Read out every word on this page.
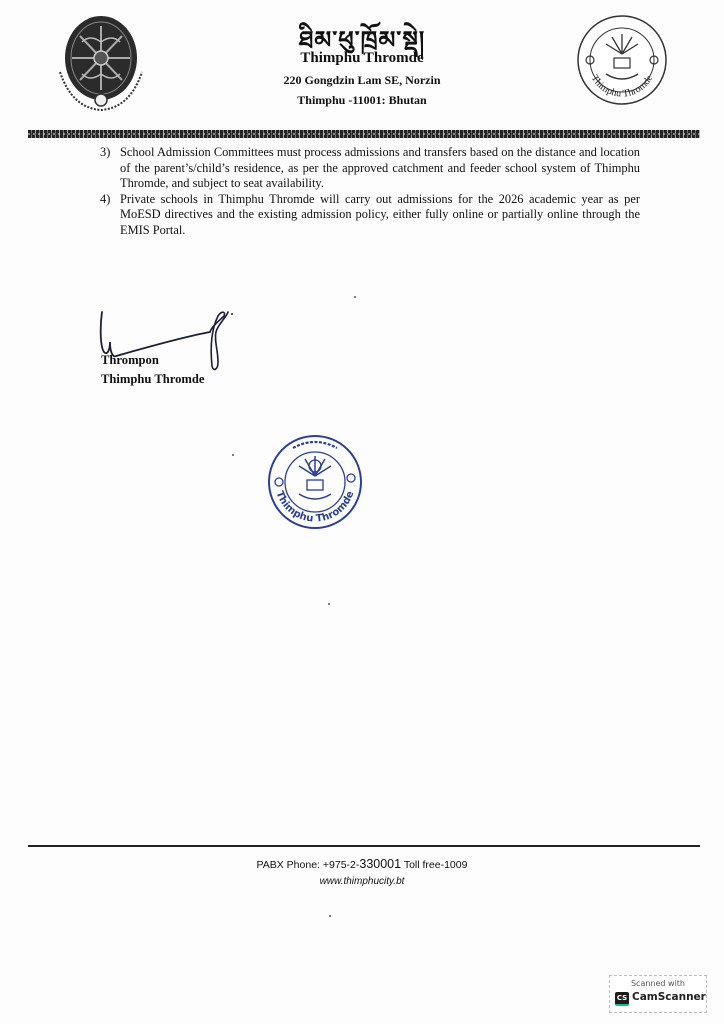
ཐིམ་ཕུ་ཁྲོམ་སྡེ།
Thimphu Thromde
220 Gongdzin Lam SE, Norzin
Thimphu -11001: Bhutan
Thimphu Thromde
3) School Admission Committees must process admissions and transfers based on the distance and location of the parent’s/child’s residence, as per the approved catchment and feeder school system of Thimphu Thromde, and subject to seat availability.
4) Private schools in Thimphu Thromde will carry out admissions for the 2026 academic year as per MoESD directives and the existing admission policy, either fully online or partially online through the EMIS Portal.
Thrompon
Thimphu Thromde
Thimphu Thromde
PABX Phone: +975-2-330001 Toll free-1009
www.thimphucity.bt
Scanned with
CS CamScanner
